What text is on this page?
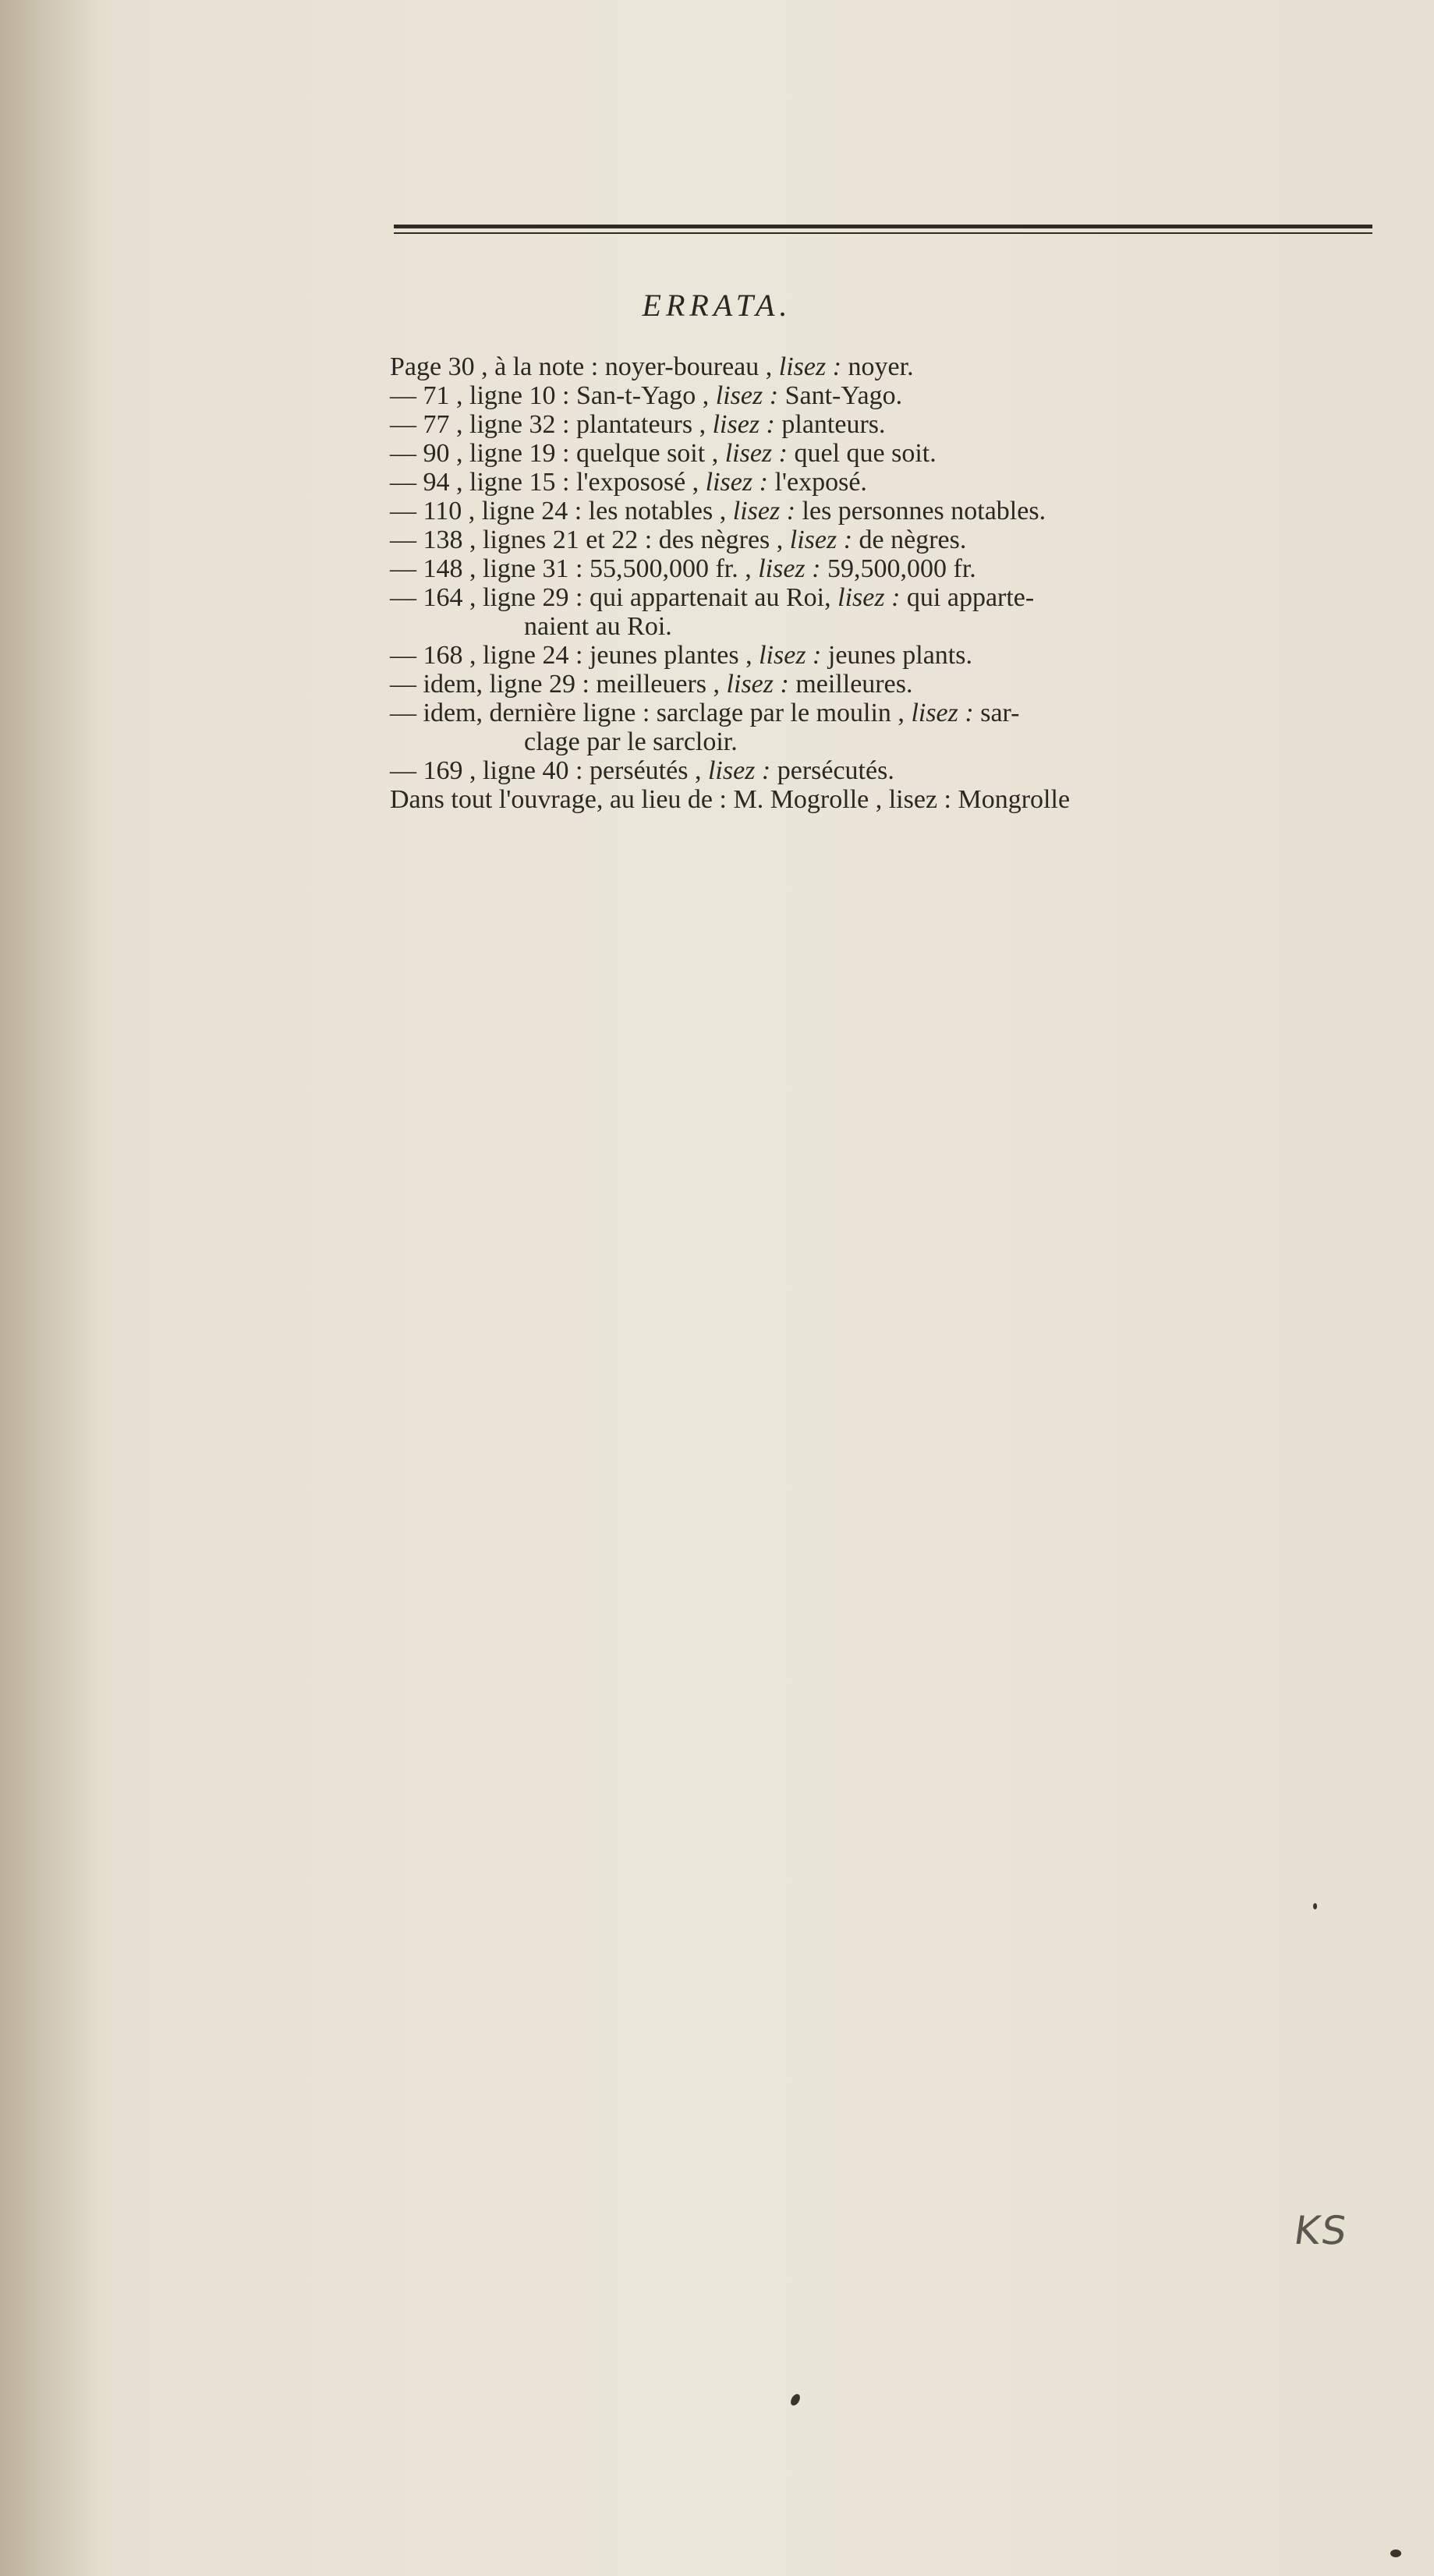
ERRATA.
Page 30 , à la note : noyer-boureau , lisez : noyer.
— 71 , ligne 10 : San-t-Yago , lisez : Sant-Yago.
— 77 , ligne 32 : plantateurs , lisez : planteurs.
— 90 , ligne 19 : quelque soit , lisez : quel que soit.
— 94 , ligne 15 : l'expososé , lisez : l'exposé.
— 110 , ligne 24 : les notables , lisez : les personnes notables.
— 138 , lignes 21 et 22 : des nègres , lisez : de nègres.
— 148 , ligne 31 : 55,500,000 fr. , lisez : 59,500,000 fr.
— 164 , ligne 29 : qui appartenait au Roi, lisez : qui apparte-
naient au Roi.
— 168 , ligne 24 : jeunes plantes , lisez : jeunes plants.
— idem, ligne 29 : meilleuers , lisez : meilleures.
— idem, dernière ligne : sarclage par le moulin , lisez : sar-
clage par le sarcloir.
— 169 , ligne 40 : perséutés , lisez : persécutés.
Dans tout l'ouvrage, au lieu de : M. Mogrolle , lisez : Mongrolle
KS
